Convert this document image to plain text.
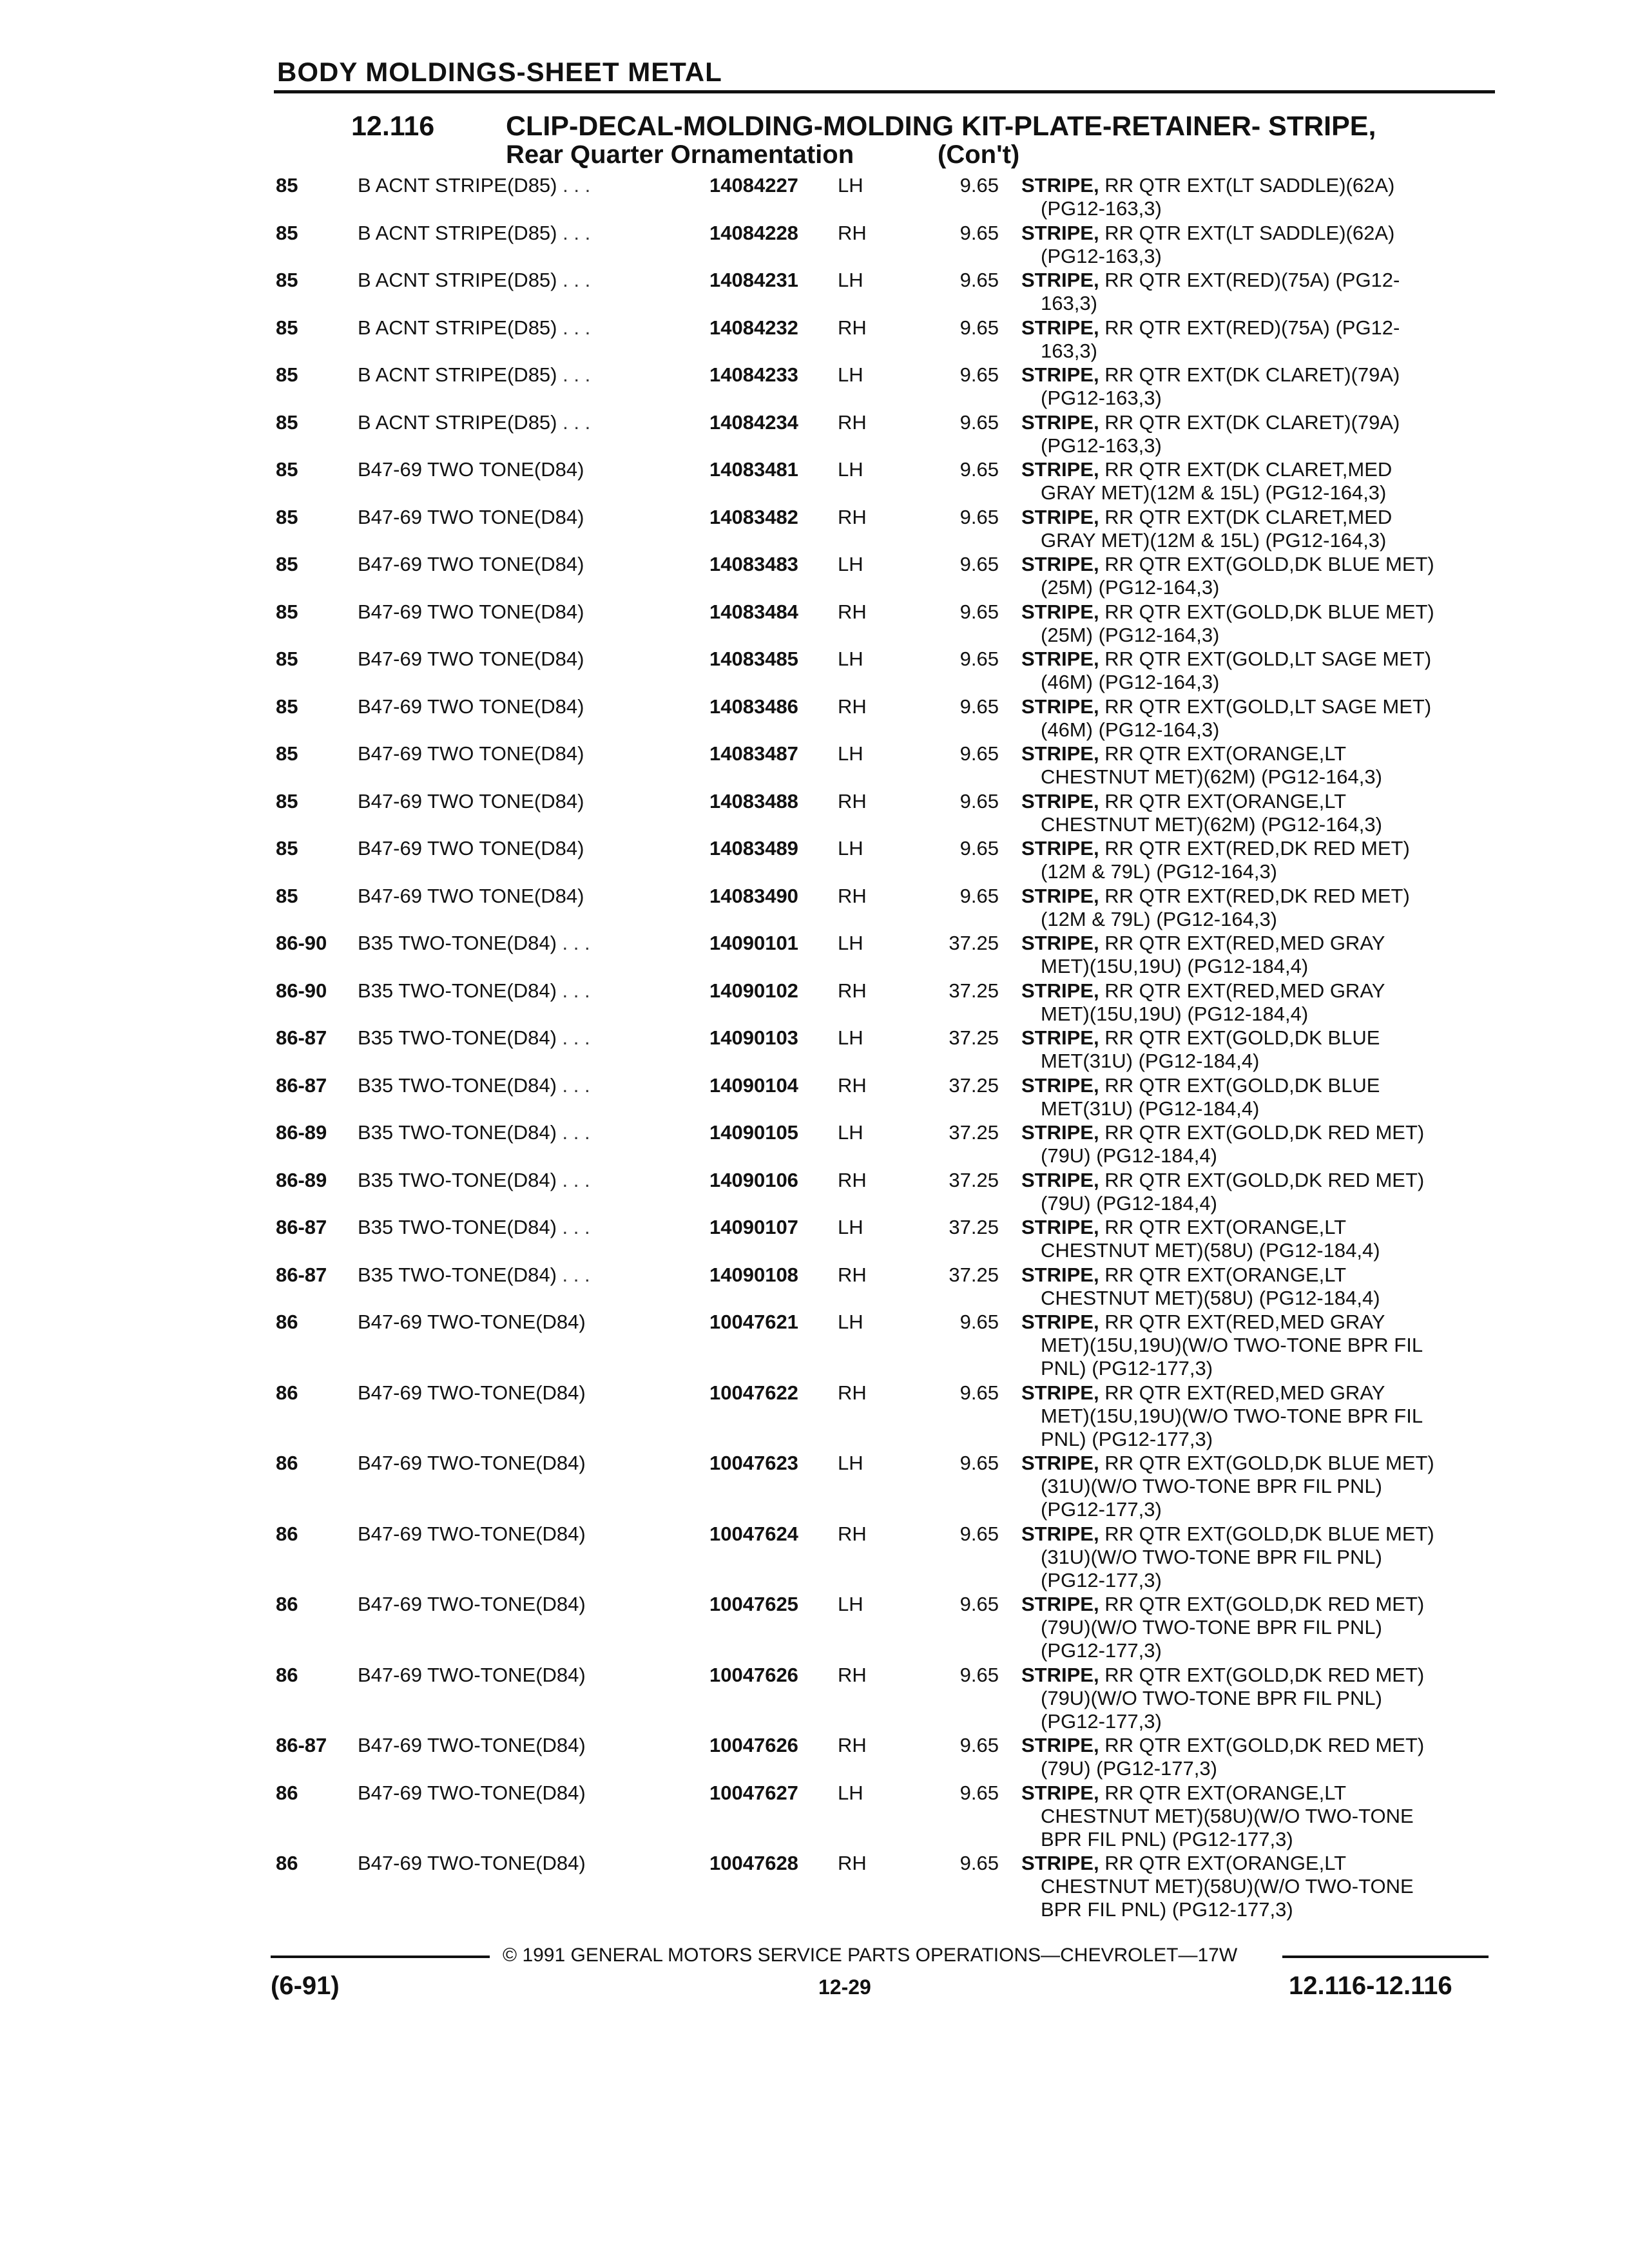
BODY MOLDINGS-SHEET METAL
12.116	CLIP-DECAL-MOLDING-MOLDING KIT-PLATE-RETAINER- STRIPE,
Rear Quarter Ornamentation	(Con't)
85	B ACNT STRIPE(D85) . . .	14084227	LH	9.65 STRIPE, RR QTR EXT(LT SADDLE)(62A)
(PG12-163,3)
85	B ACNT STRIPE(D85) . . .	14084228	RH	9.65 STRIPE, RR QTR EXT(LT SADDLE)(62A)
(PG12-163,3)
85	B ACNT STRIPE(D85) . . .	14084231	LH	9.65 STRIPE, RR QTR EXT(RED)(75A) (PG12-
163,3)
85	B ACNT STRIPE(D85) . . .	14084232	RH	9.65 STRIPE, RR QTR EXT(RED)(75A) (PG12-
163,3)
85	B ACNT STRIPE(D85) . . .	14084233	LH	9.65 STRIPE, RR QTR EXT(DK CLARET)(79A)
(PG12-163,3)
85	B ACNT STRIPE(D85) . . .	14084234	RH	9.65 STRIPE, RR QTR EXT(DK CLARET)(79A)
(PG12-163,3)
85	B47-69 TWO TONE(D84) . . .	14083481	LH	9.65 STRIPE, RR QTR EXT(DK CLARET,MED
GRAY MET)(12M & 15L) (PG12-164,3)
85	B47-69 TWO TONE(D84) . . .	14083482	RH	9.65 STRIPE, RR QTR EXT(DK CLARET,MED
GRAY MET)(12M & 15L) (PG12-164,3)
85	B47-69 TWO TONE(D84) . . .	14083483	LH	9.65 STRIPE, RR QTR EXT(GOLD,DK BLUE MET)
(25M) (PG12-164,3)
85	B47-69 TWO TONE(D84) . . .	14083484	RH	9.65 STRIPE, RR QTR EXT(GOLD,DK BLUE MET)
(25M) (PG12-164,3)
85	B47-69 TWO TONE(D84) . . .	14083485	LH	9.65 STRIPE, RR QTR EXT(GOLD,LT SAGE MET)
(46M) (PG12-164,3)
85	B47-69 TWO TONE(D84) . . .	14083486	RH	9.65 STRIPE, RR QTR EXT(GOLD,LT SAGE MET)
(46M) (PG12-164,3)
85	B47-69 TWO TONE(D84) . . .	14083487	LH	9.65 STRIPE, RR QTR EXT(ORANGE,LT
CHESTNUT MET)(62M) (PG12-164,3)
85	B47-69 TWO TONE(D84) . . .	14083488	RH	9.65 STRIPE, RR QTR EXT(ORANGE,LT
CHESTNUT MET)(62M) (PG12-164,3)
85	B47-69 TWO TONE(D84) . . .	14083489	LH	9.65 STRIPE, RR QTR EXT(RED,DK RED MET)
(12M & 79L) (PG12-164,3)
85	B47-69 TWO TONE(D84) . . .	14083490	RH	9.65 STRIPE, RR QTR EXT(RED,DK RED MET)
(12M & 79L) (PG12-164,3)
86-90	B35 TWO-TONE(D84) . . .	14090101	LH	37.25 STRIPE, RR QTR EXT(RED,MED GRAY
MET)(15U,19U) (PG12-184,4)
86-90	B35 TWO-TONE(D84) . . .	14090102	RH	37.25 STRIPE, RR QTR EXT(RED,MED GRAY
MET)(15U,19U) (PG12-184,4)
86-87	B35 TWO-TONE(D84) . . .	14090103	LH	37.25 STRIPE, RR QTR EXT(GOLD,DK BLUE
MET(31U) (PG12-184,4)
86-87	B35 TWO-TONE(D84) . . .	14090104	RH	37.25 STRIPE, RR QTR EXT(GOLD,DK BLUE
MET(31U) (PG12-184,4)
86-89	B35 TWO-TONE(D84) . . .	14090105	LH	37.25 STRIPE, RR QTR EXT(GOLD,DK RED MET)
(79U) (PG12-184,4)
86-89	B35 TWO-TONE(D84) . . .	14090106	RH	37.25 STRIPE, RR QTR EXT(GOLD,DK RED MET)
(79U) (PG12-184,4)
86-87	B35 TWO-TONE(D84) . . .	14090107	LH	37.25 STRIPE, RR QTR EXT(ORANGE,LT
CHESTNUT MET)(58U) (PG12-184,4)
86-87	B35 TWO-TONE(D84) . . .	14090108	RH	37.25 STRIPE, RR QTR EXT(ORANGE,LT
CHESTNUT MET)(58U) (PG12-184,4)
86	B47-69 TWO-TONE(D84) . . .	10047621	LH	9.65 STRIPE, RR QTR EXT(RED,MED GRAY
MET)(15U,19U)(W/O TWO-TONE BPR FIL
PNL) (PG12-177,3)
86	B47-69 TWO-TONE(D84) . . .	10047622	RH	9.65 STRIPE, RR QTR EXT(RED,MED GRAY
MET)(15U,19U)(W/O TWO-TONE BPR FIL
PNL) (PG12-177,3)
86	B47-69 TWO-TONE(D84) . . .	10047623	LH	9.65 STRIPE, RR QTR EXT(GOLD,DK BLUE MET)
(31U)(W/O TWO-TONE BPR FIL PNL)
(PG12-177,3)
86	B47-69 TWO-TONE(D84) . . .	10047624	RH	9.65 STRIPE, RR QTR EXT(GOLD,DK BLUE MET)
(31U)(W/O TWO-TONE BPR FIL PNL)
(PG12-177,3)
86	B47-69 TWO-TONE(D84) . . .	10047625	LH	9.65 STRIPE, RR QTR EXT(GOLD,DK RED MET)
(79U)(W/O TWO-TONE BPR FIL PNL)
(PG12-177,3)
86	B47-69 TWO-TONE(D84) . . .	10047626	RH	9.65 STRIPE, RR QTR EXT(GOLD,DK RED MET)
(79U)(W/O TWO-TONE BPR FIL PNL)
(PG12-177,3)
86-87	B47-69 TWO-TONE(D84) . . .	10047626	RH	9.65 STRIPE, RR QTR EXT(GOLD,DK RED MET)
(79U) (PG12-177,3)
86	B47-69 TWO-TONE(D84) . . .	10047627	LH	9.65 STRIPE, RR QTR EXT(ORANGE,LT
CHESTNUT MET)(58U)(W/O TWO-TONE
BPR FIL PNL) (PG12-177,3)
86	B47-69 TWO-TONE(D84) . . .	10047628	RH	9.65 STRIPE, RR QTR EXT(ORANGE,LT
CHESTNUT MET)(58U)(W/O TWO-TONE
BPR FIL PNL) (PG12-177,3)
© 1991 GENERAL MOTORS SERVICE PARTS OPERATIONS—CHEVROLET—17W
(6-91)	12-29	12.116-12.116
